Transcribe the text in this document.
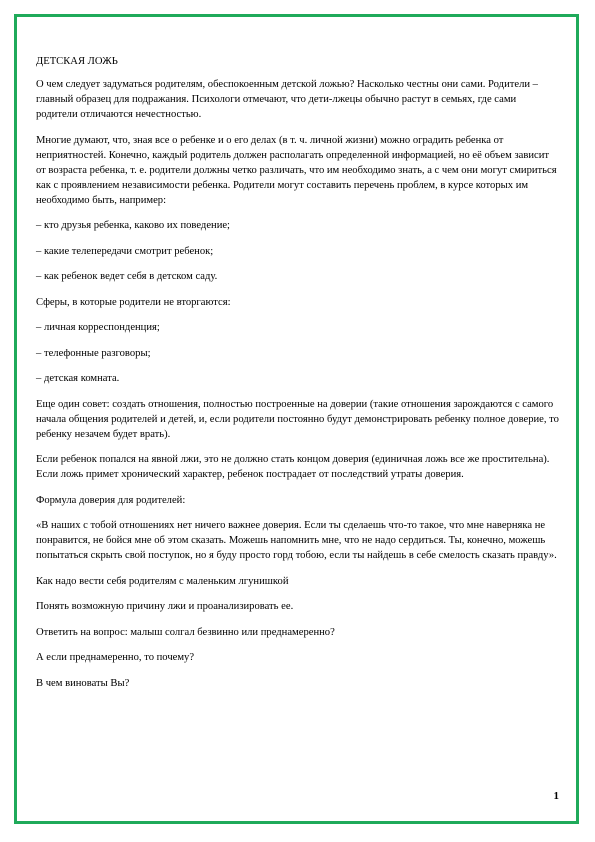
ДЕТСКАЯ ЛОЖЬ

О чем следует задуматься родителям, обеспокоенным детской ложью? Насколько честны они сами. Родители – главный образец для подражания. Психологи отмечают, что дети-лжецы обычно растут в семьях, где сами родители отличаются нечестностью.

Многие думают, что, зная все о ребенке и о его делах (в т. ч. личной жизни) можно оградить ребенка от неприятностей. Конечно, каждый родитель должен располагать определенной информацией, но её объем зависит от возраста ребенка, т. е. родители должны четко различать, что им необходимо знать, а с чем они могут смириться как с проявлением независимости ребенка. Родители могут составить перечень проблем, в курсе которых им необходимо быть, например:

– кто друзья ребенка, каково их поведение;

– какие телепередачи смотрит ребенок;

– как ребенок ведет себя в детском саду.

Сферы, в которые родители не вторгаются:

– личная корреспонденция;

– телефонные разговоры;

– детская комната.

Еще один совет: создать отношения, полностью построенные на доверии (такие отношения зарождаются с самого начала общения родителей и детей, и, если родители постоянно будут демонстрировать ребенку полное доверие, то ребенку незачем будет врать).

Если ребенок попался на явной лжи, это не должно стать концом доверия (единичная ложь все же простительна). Если ложь примет хронический характер, ребенок пострадает от последствий утраты доверия.

Формула доверия для родителей:

«В наших с тобой отношениях нет ничего важнее доверия. Если ты сделаешь что-то такое, что мне наверняка не понравится, не бойся мне об этом сказать. Можешь напомнить мне, что не надо сердиться. Ты, конечно, можешь попытаться скрыть свой поступок, но я буду просто горд тобою, если ты найдешь в себе смелость сказать правду».

Как надо вести себя родителям с маленьким лгунишкой

Понять возможную причину лжи и проанализировать ее.

Ответить на вопрос: малыш солгал безвинно или преднамеренно?

А если преднамеренно, то почему?

В чем виноваты Вы?

1
